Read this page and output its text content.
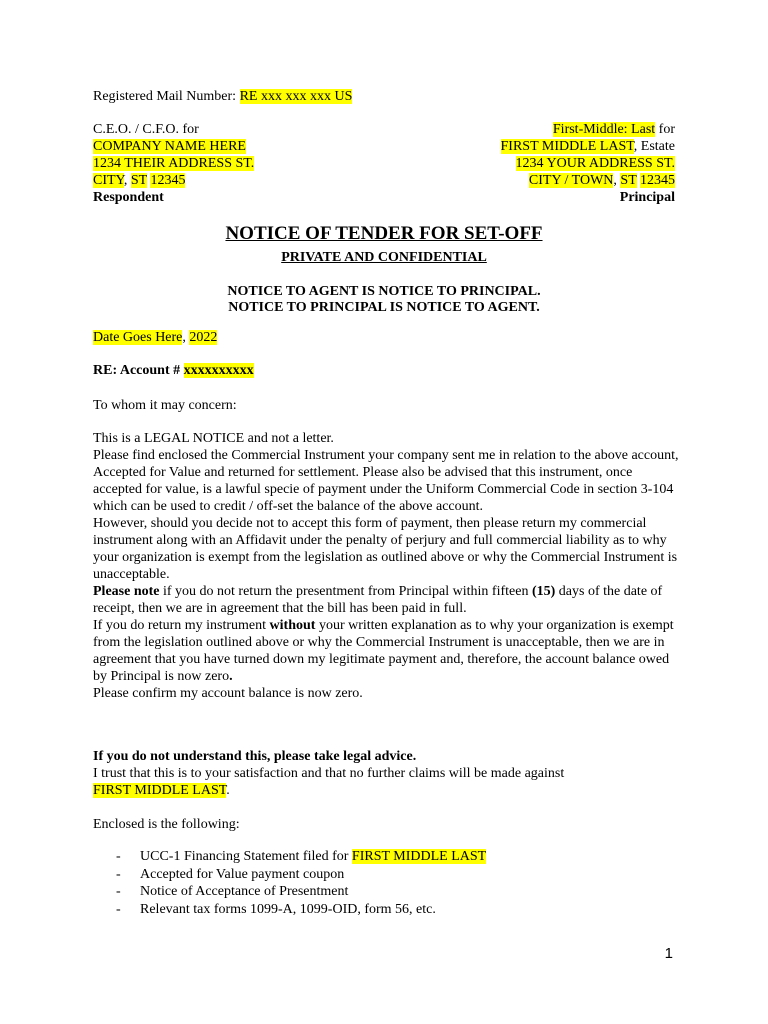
Registered Mail Number: RE xxx xxx xxx US
C.E.O. / C.F.O. for
COMPANY NAME HERE
1234 THEIR ADDRESS ST.
CITY, ST 12345
Respondent
First-Middle: Last for
FIRST MIDDLE LAST, Estate
1234 YOUR ADDRESS ST.
CITY / TOWN, ST 12345
Principal
NOTICE OF TENDER FOR SET-OFF
PRIVATE AND CONFIDENTIAL
NOTICE TO AGENT IS NOTICE TO PRINCIPAL.
NOTICE TO PRINCIPAL IS NOTICE TO AGENT.
Date Goes Here, 2022
RE: Account # xxxxxxxxxx
To whom it may concern:

This is a LEGAL NOTICE and not a letter.

Please find enclosed the Commercial Instrument your company sent me in relation to the above account, Accepted for Value and returned for settlement. Please also be advised that this instrument, once accepted for value, is a lawful specie of payment under the Uniform Commercial Code in section 3-104 which can be used to credit / off-set the balance of the above account.

However, should you decide not to accept this form of payment, then please return my commercial instrument along with an Affidavit under the penalty of perjury and full commercial liability as to why your organization is exempt from the legislation as outlined above or why the Commercial Instrument is unacceptable.

Please note if you do not return the presentment from Principal within fifteen (15) days of the date of receipt, then we are in agreement that the bill has been paid in full.

If you do return my instrument without your written explanation as to why your organization is exempt from the legislation outlined above or why the Commercial Instrument is unacceptable, then we are in agreement that you have turned down my legitimate payment and, therefore, the account balance owed by Principal is now zero.

Please confirm my account balance is now zero.

If you do not understand this, please take legal advice.
I trust that this is to your satisfaction and that no further claims will be made against
FIRST MIDDLE LAST.
Enclosed is the following:
- UCC-1 Financing Statement filed for FIRST MIDDLE LAST
- Accepted for Value payment coupon
- Notice of Acceptance of Presentment
- Relevant tax forms 1099-A, 1099-OID, form 56, etc.
1
